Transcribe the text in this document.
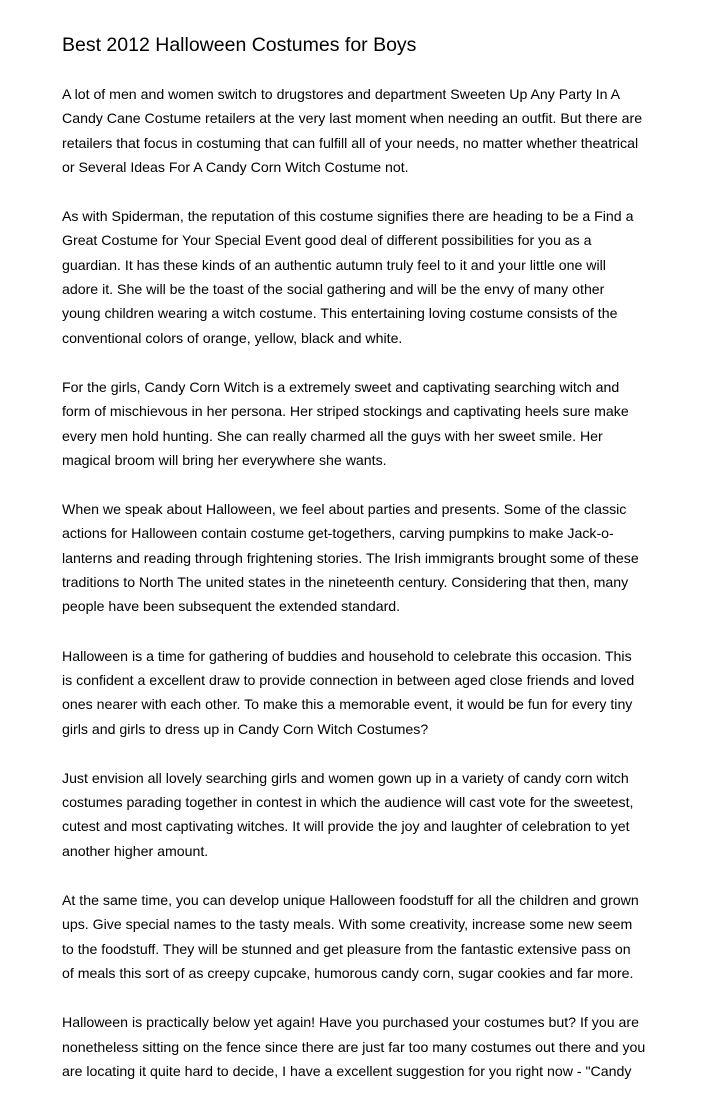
Best 2012 Halloween Costumes for Boys

A lot of men and women switch to drugstores and department Sweeten Up Any Party In A
Candy Cane Costume retailers at the very last moment when needing an outfit. But there are
retailers that focus in costuming that can fulfill all of your needs, no matter whether theatrical
or Several Ideas For A Candy Corn Witch Costume not.

As with Spiderman, the reputation of this costume signifies there are heading to be a Find a
Great Costume for Your Special Event good deal of different possibilities for you as a
guardian. It has these kinds of an authentic autumn truly feel to it and your little one will
adore it. She will be the toast of the social gathering and will be the envy of many other
young children wearing a witch costume. This entertaining loving costume consists of the
conventional colors of orange, yellow, black and white.

For the girls, Candy Corn Witch is a extremely sweet and captivating searching witch and
form of mischievous in her persona. Her striped stockings and captivating heels sure make
every men hold hunting. She can really charmed all the guys with her sweet smile. Her
magical broom will bring her everywhere she wants.

When we speak about Halloween, we feel about parties and presents. Some of the classic
actions for Halloween contain costume get-togethers, carving pumpkins to make Jack-o-
lanterns and reading through frightening stories. The Irish immigrants brought some of these
traditions to North The united states in the nineteenth century. Considering that then, many
people have been subsequent the extended standard.

Halloween is a time for gathering of buddies and household to celebrate this occasion. This
is confident a excellent draw to provide connection in between aged close friends and loved
ones nearer with each other. To make this a memorable event, it would be fun for every tiny
girls and girls to dress up in Candy Corn Witch Costumes?

Just envision all lovely searching girls and women gown up in a variety of candy corn witch
costumes parading together in contest in which the audience will cast vote for the sweetest,
cutest and most captivating witches. It will provide the joy and laughter of celebration to yet
another higher amount.

At the same time, you can develop unique Halloween foodstuff for all the children and grown
ups. Give special names to the tasty meals. With some creativity, increase some new seem
to the foodstuff. They will be stunned and get pleasure from the fantastic extensive pass on
of meals this sort of as creepy cupcake, humorous candy corn, sugar cookies and far more.

Halloween is practically below yet again! Have you purchased your costumes but? If you are
nonetheless sitting on the fence since there are just far too many costumes out there and you
are locating it quite hard to decide, I have a excellent suggestion for you right now - "Candy
